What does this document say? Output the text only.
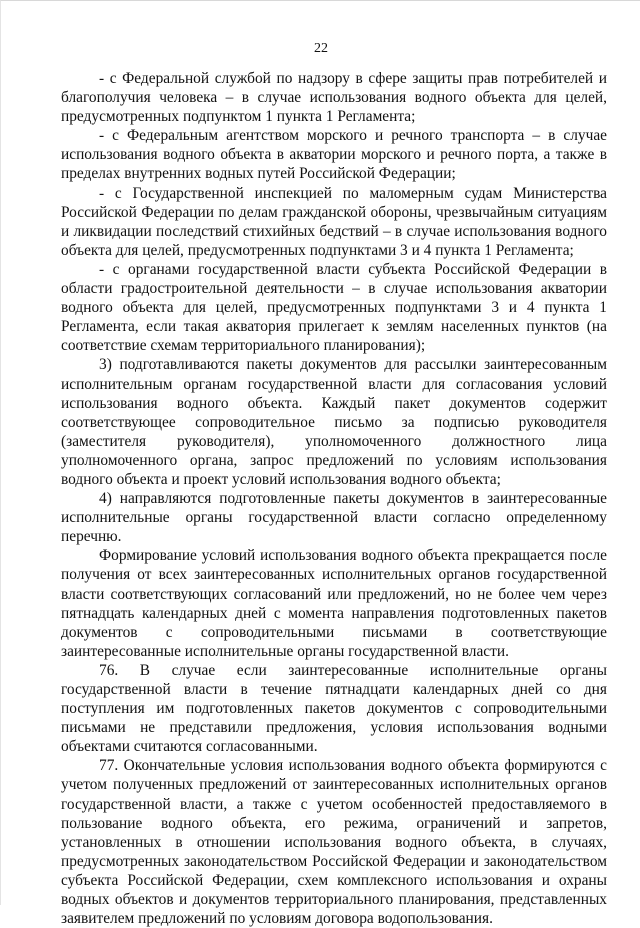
22

- с Федеральной службой по надзору в сфере защиты прав потребителей и благополучия человека – в случае использования водного объекта для целей, предусмотренных подпунктом 1 пункта 1 Регламента;

- с Федеральным агентством морского и речного транспорта – в случае использования водного объекта в акватории морского и речного порта, а также в пределах внутренних водных путей Российской Федерации;

- с Государственной инспекцией по маломерным судам Министерства Российской Федерации по делам гражданской обороны, чрезвычайным ситуациям и ликвидации последствий стихийных бедствий – в случае использования водного объекта для целей, предусмотренных подпунктами 3 и 4 пункта 1 Регламента;

- с органами государственной власти субъекта Российской Федерации в области градостроительной деятельности – в случае использования акватории водного объекта для целей, предусмотренных подпунктами 3 и 4 пункта 1 Регламента, если такая акватория прилегает к землям населенных пунктов (на соответствие схемам территориального планирования);

3) подготавливаются пакеты документов для рассылки заинтересованным исполнительным органам государственной власти для согласования условий использования водного объекта. Каждый пакет документов содержит соответствующее сопроводительное письмо за подписью руководителя (заместителя руководителя), уполномоченного должностного лица уполномоченного органа, запрос предложений по условиям использования водного объекта и проект условий использования водного объекта;

4) направляются подготовленные пакеты документов в заинтересованные исполнительные органы государственной власти согласно определенному перечню.

Формирование условий использования водного объекта прекращается после получения от всех заинтересованных исполнительных органов государственной власти соответствующих согласований или предложений, но не более чем через пятнадцать календарных дней с момента направления подготовленных пакетов документов с сопроводительными письмами в соответствующие заинтересованные исполнительные органы государственной власти.

76. В случае если заинтересованные исполнительные органы государственной власти в течение пятнадцати календарных дней со дня поступления им подготовленных пакетов документов с сопроводительными письмами не представили предложения, условия использования водными объектами считаются согласованными.

77. Окончательные условия использования водного объекта формируются с учетом полученных предложений от заинтересованных исполнительных органов государственной власти, а также с учетом особенностей предоставляемого в пользование водного объекта, его режима, ограничений и запретов, установленных в отношении использования водного объекта, в случаях, предусмотренных законодательством Российской Федерации и законодательством субъекта Российской Федерации, схем комплексного использования и охраны водных объектов и документов территориального планирования, представленных заявителем предложений по условиям договора водопользования.
